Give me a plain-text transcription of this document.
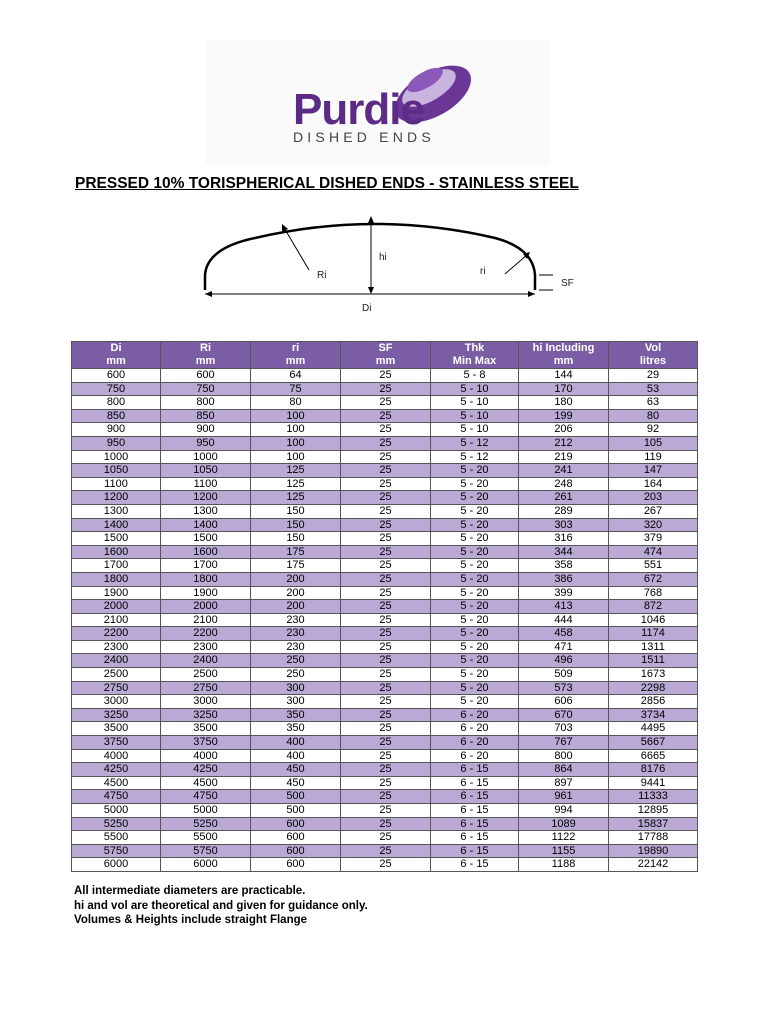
Purdie
DISHED ENDS
PRESSED 10% TORISPHERICAL DISHED ENDS - STAINLESS STEEL
hi
Ri	ri
SF
Di
Di	Ri	ri	SF	Thk	hi Including	Vol
mm	mm	mm	mm	Min Max	mm	litres
600	600	64	25	5 - 8	144	29
750	750	75	25	5 - 10	170	53
800	800	80	25	5 - 10	180	63
850	850	100	25	5 - 10	199	80
900	900	100	25	5 - 10	206	92
950	950	100	25	5 - 12	212	105
1000	1000	100	25	5 - 12	219	119
1050	1050	125	25	5 - 20	241	147
1100	1100	125	25	5 - 20	248	164
1200	1200	125	25	5 - 20	261	203
1300	1300	150	25	5 - 20	289	267
1400	1400	150	25	5 - 20	303	320
1500	1500	150	25	5 - 20	316	379
1600	1600	175	25	5 - 20	344	474
1700	1700	175	25	5 - 20	358	551
1800	1800	200	25	5 - 20	386	672
1900	1900	200	25	5 - 20	399	768
2000	2000	200	25	5 - 20	413	872
2100	2100	230	25	5 - 20	444	1046
2200	2200	230	25	5 - 20	458	1174
2300	2300	230	25	5 - 20	471	1311
2400	2400	250	25	5 - 20	496	1511
2500	2500	250	25	5 - 20	509	1673
2750	2750	300	25	5 - 20	573	2298
3000	3000	300	25	5 - 20	606	2856
3250	3250	350	25	6 - 20	670	3734
3500	3500	350	25	6 - 20	703	4495
3750	3750	400	25	6 - 20	767	5667
4000	4000	400	25	6 - 20	800	6665
4250	4250	450	25	6 - 15	864	8176
4500	4500	450	25	6 - 15	897	9441
4750	4750	500	25	6 - 15	961	11333
5000	5000	500	25	6 - 15	994	12895
5250	5250	600	25	6 - 15	1089	15837
5500	5500	600	25	6 - 15	1122	17788
5750	5750	600	25	6 - 15	1155	19890
6000	6000	600	25	6 - 15	1188	22142
All intermediate diameters are practicable.
hi and vol are theoretical and given for guidance only.
Volumes & Heights include straight Flange
